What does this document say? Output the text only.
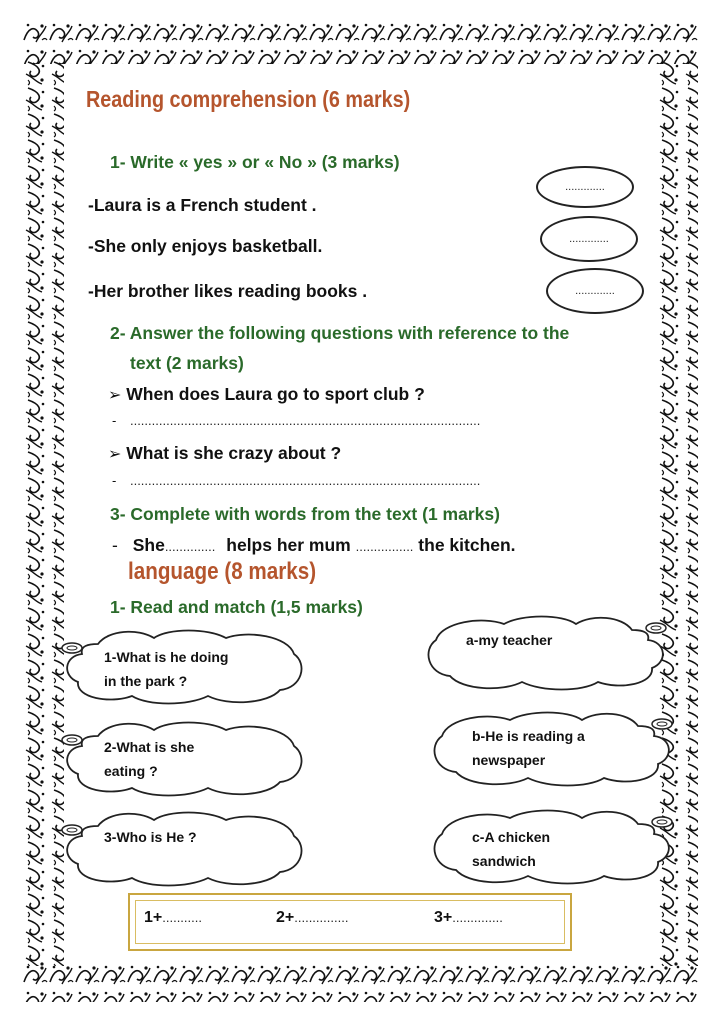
Reading comprehension (6 marks)
1- Write « yes » or « No » (3 marks)
-Laura is a French student .
-She only enjoys basketball.
-Her brother likes reading books .
.............
.............
.............
2- Answer the following questions with reference to the
text (2 marks)
➢ When does Laura go to sport club ?
- .................................................................................................
➢ What is she crazy about ?
- .................................................................................................
3- Complete with words from the text (1 marks)
- She.............. helps her mum ................ the kitchen.
language (8 marks)
1- Read and match (1,5 marks)
1-What is he doing
in the park ?
2-What is she
eating ?
3-Who is He ?
a-my teacher
b-He is reading a
newspaper
c-A chicken
sandwich
1+...........	2+...............	3+..............
